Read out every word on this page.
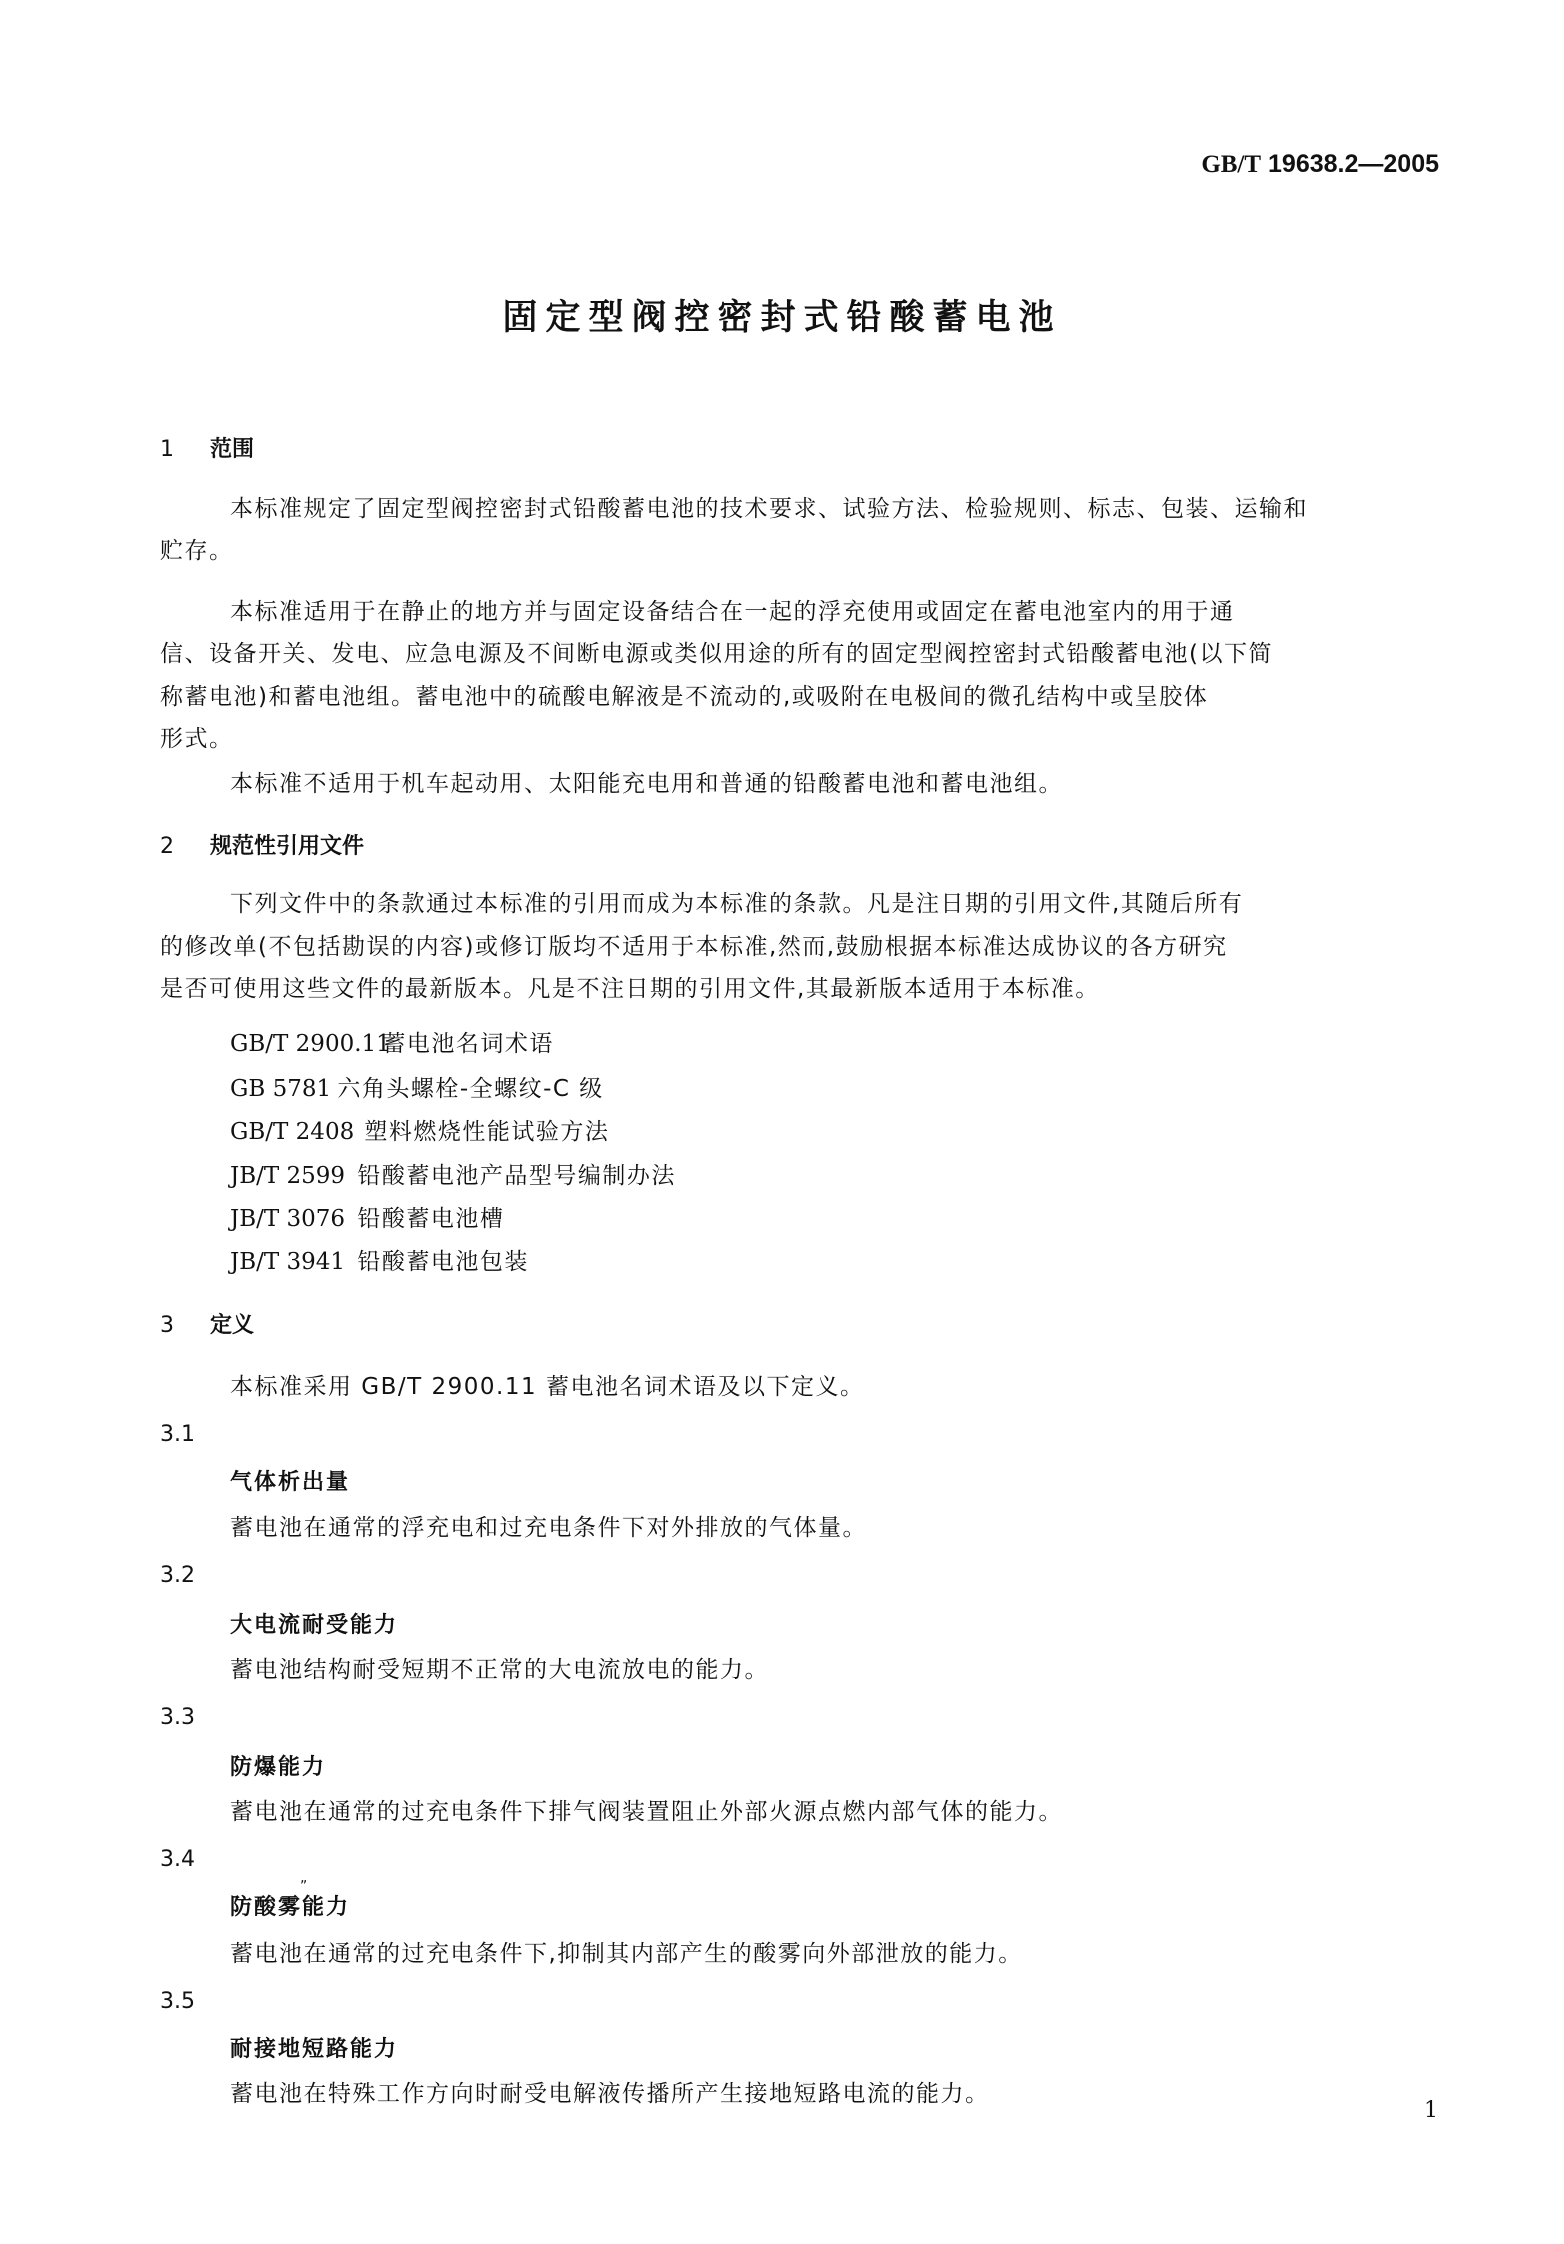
GB/T 19638.2—2005
固定型阀控密封式铅酸蓄电池
1 范围
本标准规定了固定型阀控密封式铅酸蓄电池的技术要求、试验方法、检验规则、标志、包装、运输和
贮存。
本标准适用于在静止的地方并与固定设备结合在一起的浮充使用或固定在蓄电池室内的用于通
信、设备开关、发电、应急电源及不间断电源或类似用途的所有的固定型阀控密封式铅酸蓄电池(以下简
称蓄电池)和蓄电池组。蓄电池中的硫酸电解液是不流动的,或吸附在电极间的微孔结构中或呈胶体
形式。
本标准不适用于机车起动用、太阳能充电用和普通的铅酸蓄电池和蓄电池组。
2 规范性引用文件
下列文件中的条款通过本标准的引用而成为本标准的条款。凡是注日期的引用文件,其随后所有
的修改单(不包括勘误的内容)或修订版均不适用于本标准,然而,鼓励根据本标准达成协议的各方研究
是否可使用这些文件的最新版本。凡是不注日期的引用文件,其最新版本适用于本标准。
GB/T 2900.11 蓄电池名词术语
GB 5781 六角头螺栓-全螺纹-C 级
GB/T 2408 塑料燃烧性能试验方法
JB/T 2599 铅酸蓄电池产品型号编制办法
JB/T 3076 铅酸蓄电池槽
JB/T 3941 铅酸蓄电池包装
3 定义
本标准采用 GB/T 2900.11 蓄电池名词术语及以下定义。
3.1
气体析出量
蓄电池在通常的浮充电和过充电条件下对外排放的气体量。
3.2
大电流耐受能力
蓄电池结构耐受短期不正常的大电流放电的能力。
3.3
防爆能力
蓄电池在通常的过充电条件下排气阀装置阻止外部火源点燃内部气体的能力。
3.4
„
防酸雾能力
蓄电池在通常的过充电条件下,抑制其内部产生的酸雾向外部泄放的能力。
3.5
耐接地短路能力
蓄电池在特殊工作方向时耐受电解液传播所产生接地短路电流的能力。
1
